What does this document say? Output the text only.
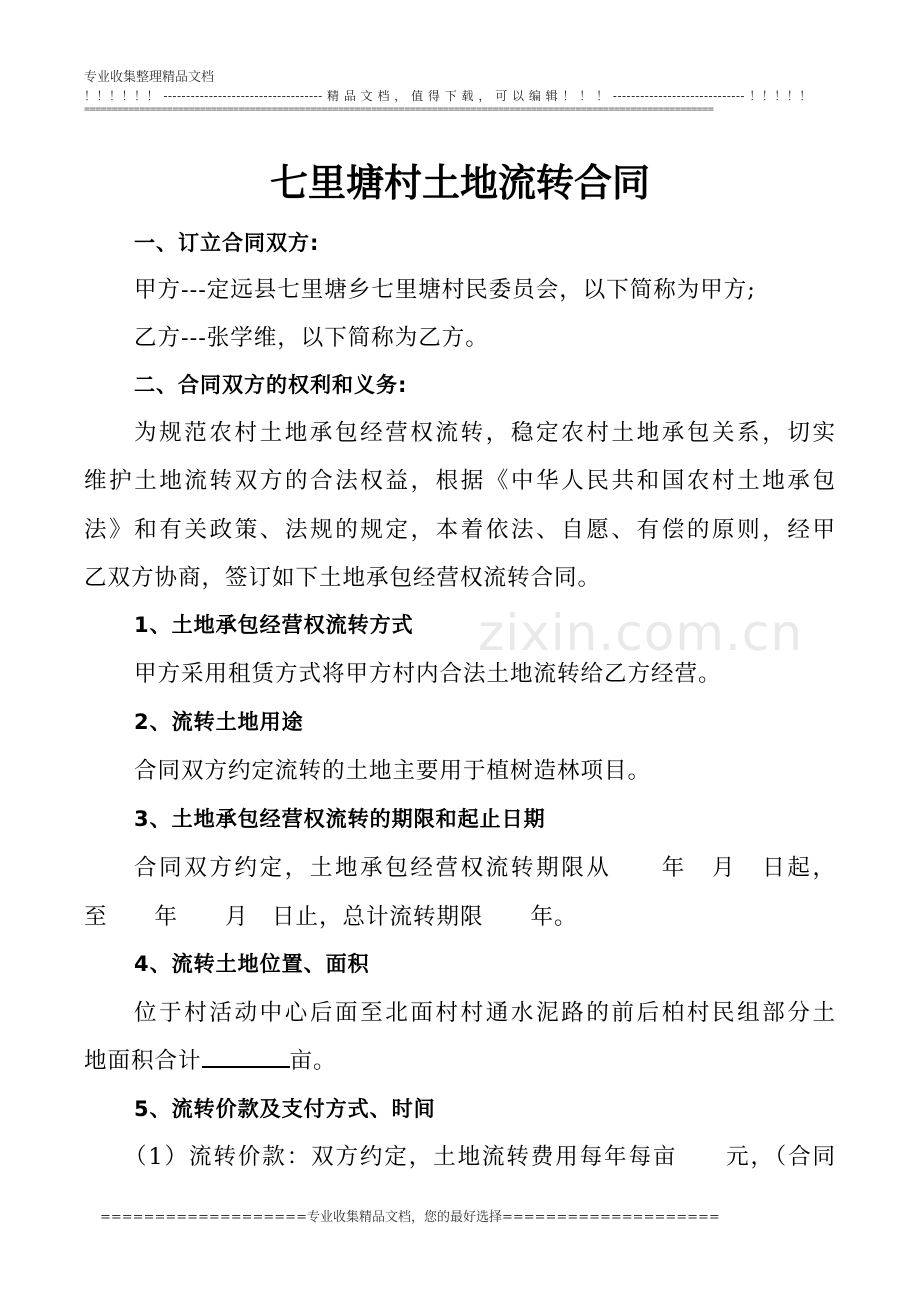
专业收集整理精品文档
！！！！！！ ----------------------------------- 精 品 文 档 ， 值 得 下 载 ， 可 以 编 辑 ！ ！ ！ ----------------------------- ！！！！！
==================================================================================================================
zixin.com.cn
七里塘村土地流转合同
一、订立合同双方:
甲方---定远县七里塘乡七里塘村民委员会，以下简称为甲方;
乙方---张学维，以下简称为乙方。
二、合同双方的权利和义务:
为规范农村土地承包经营权流转，稳定农村土地承包关系，切实
维护土地流转双方的合法权益，根据《中华人民共和国农村土地承包
法》和有关政策、法规的规定，本着依法、自愿、有偿的原则，经甲
乙双方协商，签订如下土地承包经营权流转合同。
1、土地承包经营权流转方式
甲方采用租赁方式将甲方村内合法土地流转给乙方经营。
2、流转土地用途
合同双方约定流转的土地主要用于植树造林项目。
3、土地承包经营权流转的期限和起止日期
合同双方约定，土地承包经营权流转期限从　　年　月　日起，
至　　年　　月　日止，总计流转期限　　年。
4、流转土地位置、面积
位于村活动中心后面至北面村村通水泥路的前后柏村民组部分土
地面积合计	亩。
5、流转价款及支付方式、时间
（1）流转价款：双方约定，土地流转费用每年每亩　　元，（合同
===================专业收集精品文档，您的最好选择====================
